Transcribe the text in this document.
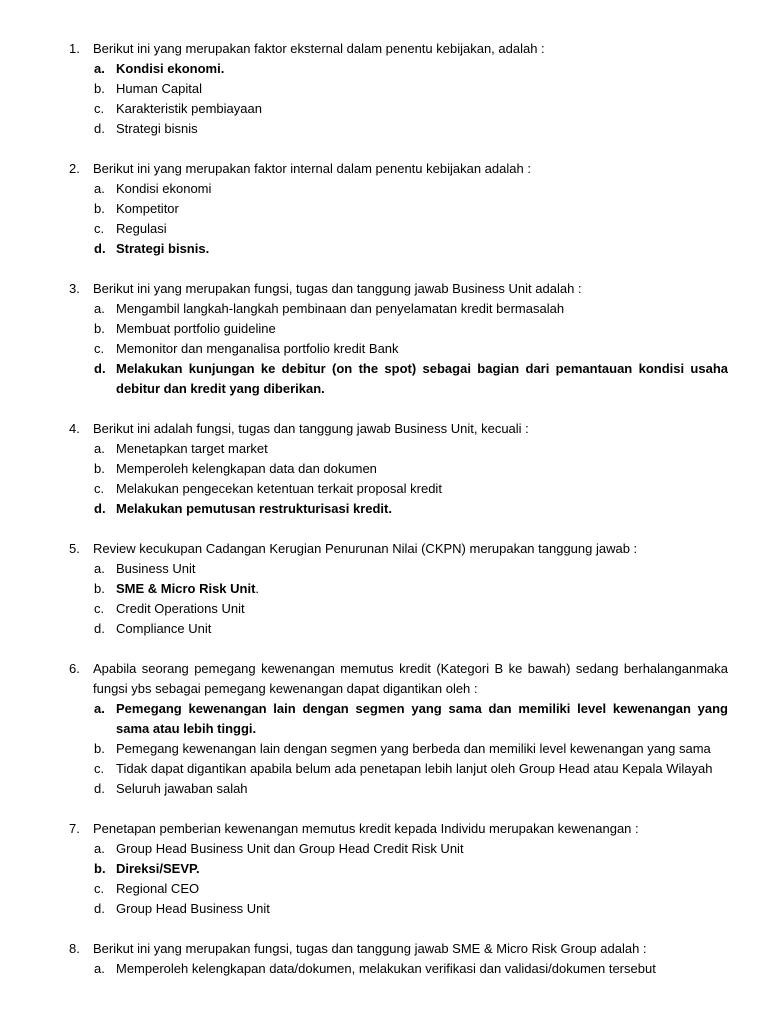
1.	Berikut ini yang merupakan faktor eksternal dalam penentu kebijakan, adalah :
a. Kondisi ekonomi.
b. Human Capital
c. Karakteristik pembiayaan
d. Strategi bisnis
2.	Berikut ini yang merupakan faktor internal dalam penentu kebijakan adalah :
a. Kondisi ekonomi
b. Kompetitor
c. Regulasi
d. Strategi bisnis.
3.	Berikut ini yang merupakan fungsi, tugas dan tanggung jawab Business Unit adalah :
a. Mengambil langkah-langkah pembinaan dan penyelamatan kredit bermasalah
b. Membuat portfolio guideline
c. Memonitor dan menganalisa portfolio kredit Bank
d. Melakukan kunjungan ke debitur (on the spot) sebagai bagian dari pemantauan kondisi usaha debitur dan kredit yang diberikan.
4.	Berikut ini adalah fungsi, tugas dan tanggung jawab Business Unit, kecuali :
a. Menetapkan target market
b. Memperoleh kelengkapan data dan dokumen
c. Melakukan pengecekan ketentuan terkait proposal kredit
d. Melakukan pemutusan restrukturisasi kredit.
5.	Review kecukupan Cadangan Kerugian Penurunan Nilai (CKPN) merupakan tanggung jawab :
a. Business Unit
b. SME & Micro Risk Unit.
c. Credit Operations Unit
d. Compliance Unit
6.	Apabila seorang pemegang kewenangan memutus kredit (Kategori B ke bawah) sedang berhalanganmaka fungsi ybs sebagai pemegang kewenangan dapat digantikan oleh :
a. Pemegang kewenangan lain dengan segmen yang sama dan memiliki level kewenangan yang sama atau lebih tinggi.
b. Pemegang kewenangan lain dengan segmen yang berbeda dan memiliki level kewenangan yang sama
c. Tidak dapat digantikan apabila belum ada penetapan lebih lanjut oleh Group Head atau Kepala Wilayah
d. Seluruh jawaban salah
7.	Penetapan pemberian kewenangan memutus kredit kepada Individu merupakan kewenangan :
a. Group Head Business Unit dan Group Head Credit Risk Unit
b. Direksi/SEVP.
c. Regional CEO
d. Group Head Business Unit
8.	Berikut ini yang merupakan fungsi, tugas dan tanggung jawab SME & Micro Risk Group adalah :
a. Memperoleh kelengkapan data/dokumen, melakukan verifikasi dan validasi/dokumen tersebut
